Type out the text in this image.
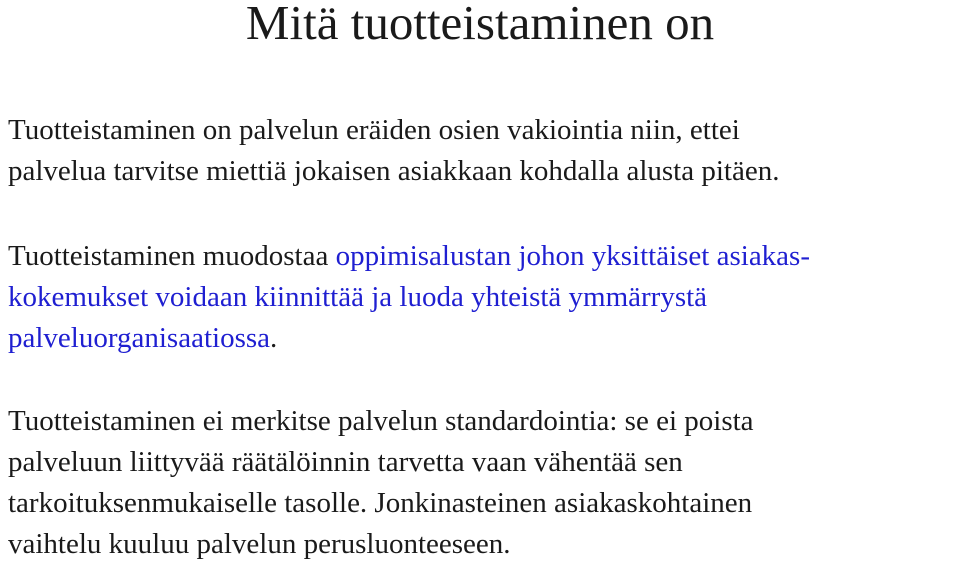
Mitä tuotteistaminen on

Tuotteistaminen on palvelun eräiden osien vakiointia niin, ettei
palvelua tarvitse miettiä jokaisen asiakkaan kohdalla alusta pitäen.

Tuotteistaminen muodostaa oppimisalustan johon yksittäiset asiakas-
kokemukset voidaan kiinnittää ja luoda yhteistä ymmärrystä
palveluorganisaatiossa.

Tuotteistaminen ei merkitse palvelun standardointia: se ei poista
palveluun liittyvää räätälöinnin tarvetta vaan vähentää sen
tarkoituksenmukaiselle tasolle. Jonkinasteinen asiakaskohtainen
vaihtelu kuuluu palvelun perusluonteeseen.
